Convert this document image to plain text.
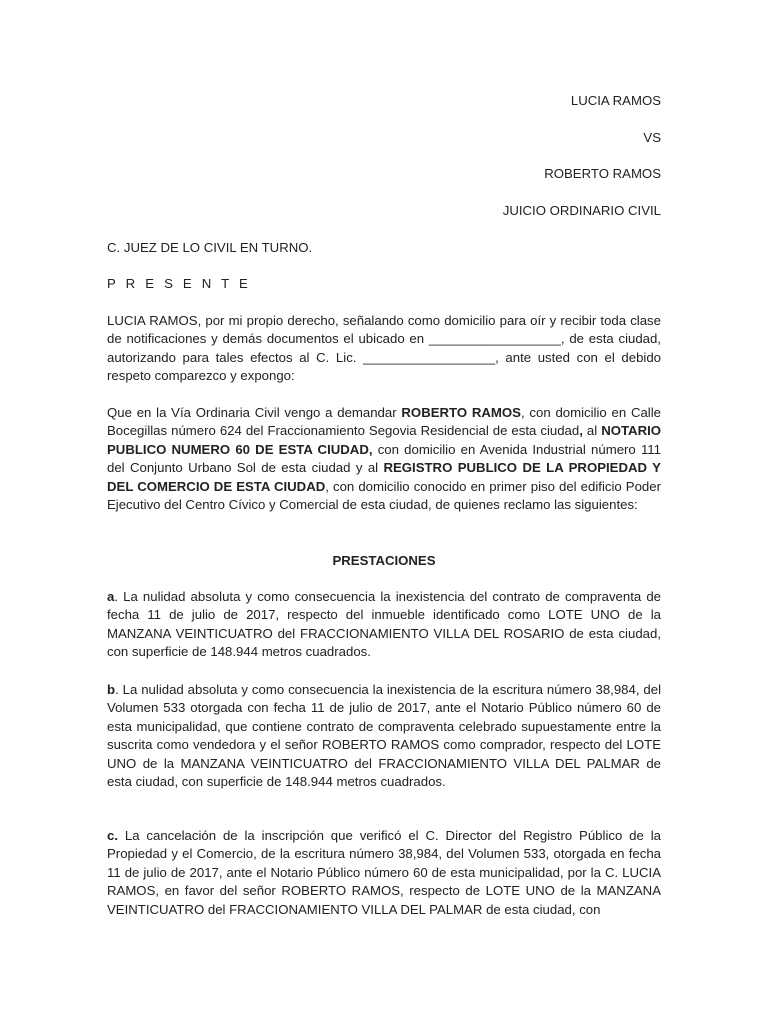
LUCIA RAMOS

VS

ROBERTO RAMOS

JUICIO ORDINARIO CIVIL

C. JUEZ DE LO CIVIL EN TURNO.

P R E S E N T E

LUCIA RAMOS, por mi propio derecho, señalando como domicilio para oír y recibir toda clase de notificaciones y demás documentos el ubicado en __________________, de esta ciudad, autorizando para tales efectos al C. Lic. __________________, ante usted con el debido respeto comparezco y expongo:

Que en la Vía Ordinaria Civil vengo a demandar ROBERTO RAMOS, con domicilio en Calle Bocegillas número 624 del Fraccionamiento Segovia Residencial de esta ciudad, al NOTARIO PUBLICO NUMERO 60 DE ESTA CIUDAD, con domicilio en Avenida Industrial número 111 del Conjunto Urbano Sol de esta ciudad y al REGISTRO PUBLICO DE LA PROPIEDAD Y DEL COMERCIO DE ESTA CIUDAD, con domicilio conocido en primer piso del edificio Poder Ejecutivo del Centro Cívico y Comercial de esta ciudad, de quienes reclamo las siguientes:

PRESTACIONES

a. La nulidad absoluta y como consecuencia la inexistencia del contrato de compraventa de fecha 11 de julio de 2017, respecto del inmueble identificado como LOTE UNO de la MANZANA VEINTICUATRO del FRACCIONAMIENTO VILLA DEL ROSARIO de esta ciudad, con superficie de 148.944 metros cuadrados.

b. La nulidad absoluta y como consecuencia la inexistencia de la escritura número 38,984, del Volumen 533 otorgada con fecha 11 de julio de 2017, ante el Notario Público número 60 de esta municipalidad, que contiene contrato de compraventa celebrado supuestamente entre la suscrita como vendedora y el señor ROBERTO RAMOS como comprador, respecto del LOTE UNO de la MANZANA VEINTICUATRO del FRACCIONAMIENTO VILLA DEL PALMAR de esta ciudad, con superficie de 148.944 metros cuadrados.

c. La cancelación de la inscripción que verificó el C. Director del Registro Público de la Propiedad y el Comercio, de la escritura número 38,984, del Volumen 533, otorgada en fecha 11 de julio de 2017, ante el Notario Público número 60 de esta municipalidad, por la C. LUCIA RAMOS, en favor del señor ROBERTO RAMOS, respecto de LOTE UNO de la MANZANA VEINTICUATRO del FRACCIONAMIENTO VILLA DEL PALMAR de esta ciudad, con
